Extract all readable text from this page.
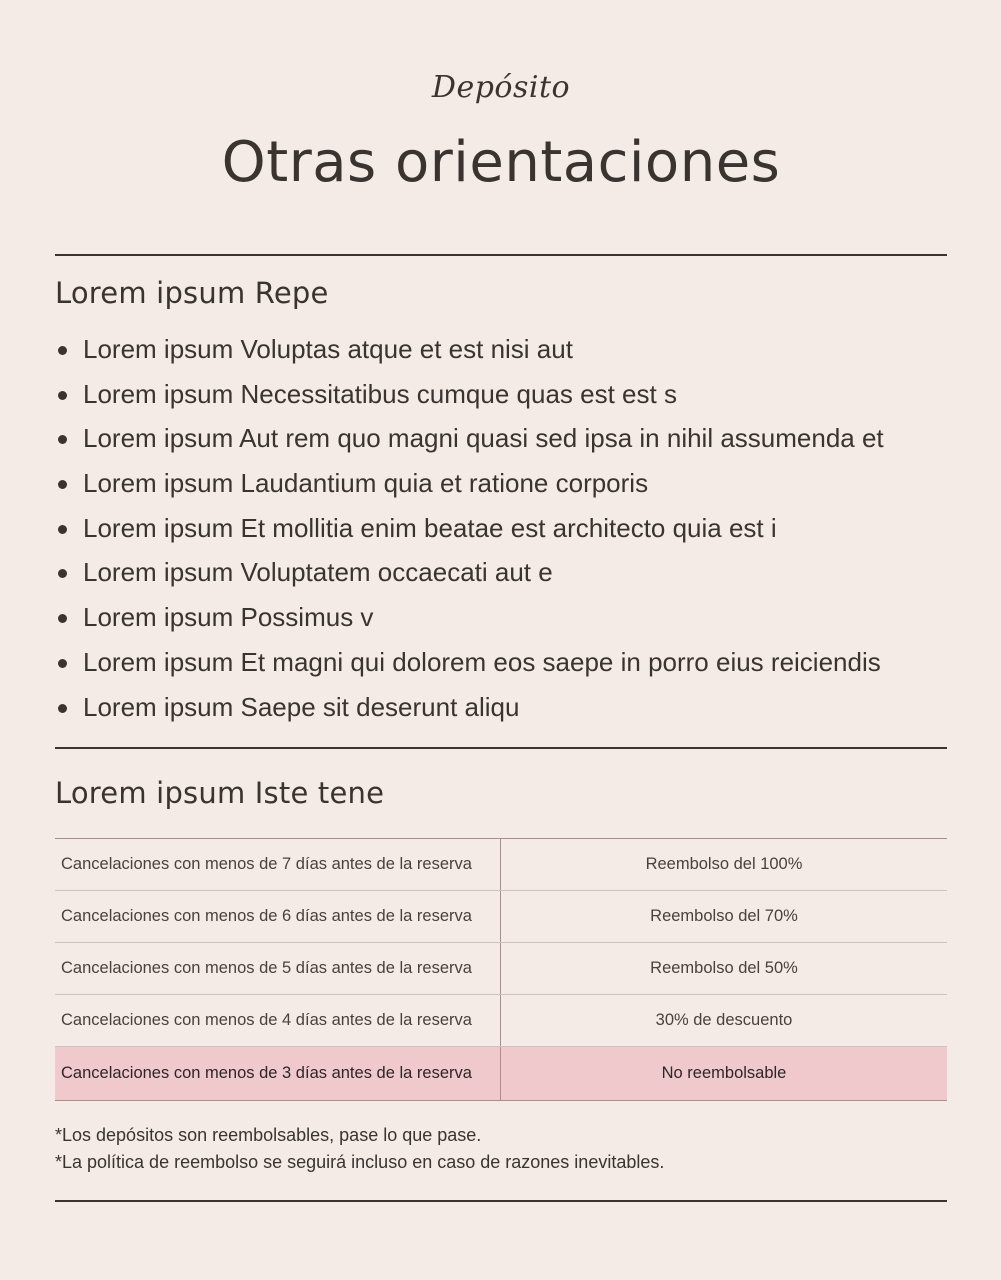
Depósito
Otras orientaciones
Lorem ipsum Repe
Lorem ipsum Voluptas atque et est nisi aut
Lorem ipsum Necessitatibus cumque quas est est s
Lorem ipsum Aut rem quo magni quasi sed ipsa in nihil assumenda et
Lorem ipsum Laudantium quia et ratione corporis
Lorem ipsum Et mollitia enim beatae est architecto quia est i
Lorem ipsum Voluptatem occaecati aut e
Lorem ipsum Possimus v
Lorem ipsum Et magni qui dolorem eos saepe in porro eius reiciendis
Lorem ipsum Saepe sit deserunt aliqu
Lorem ipsum Iste tene
Cancelaciones con menos de 7 días antes de la reserva	Reembolso del 100%
Cancelaciones con menos de 6 días antes de la reserva	Reembolso del 70%
Cancelaciones con menos de 5 días antes de la reserva	Reembolso del 50%
Cancelaciones con menos de 4 días antes de la reserva	30% de descuento
Cancelaciones con menos de 3 días antes de la reserva	No reembolsable
*Los depósitos son reembolsables, pase lo que pase.
*La política de reembolso se seguirá incluso en caso de razones inevitables.
